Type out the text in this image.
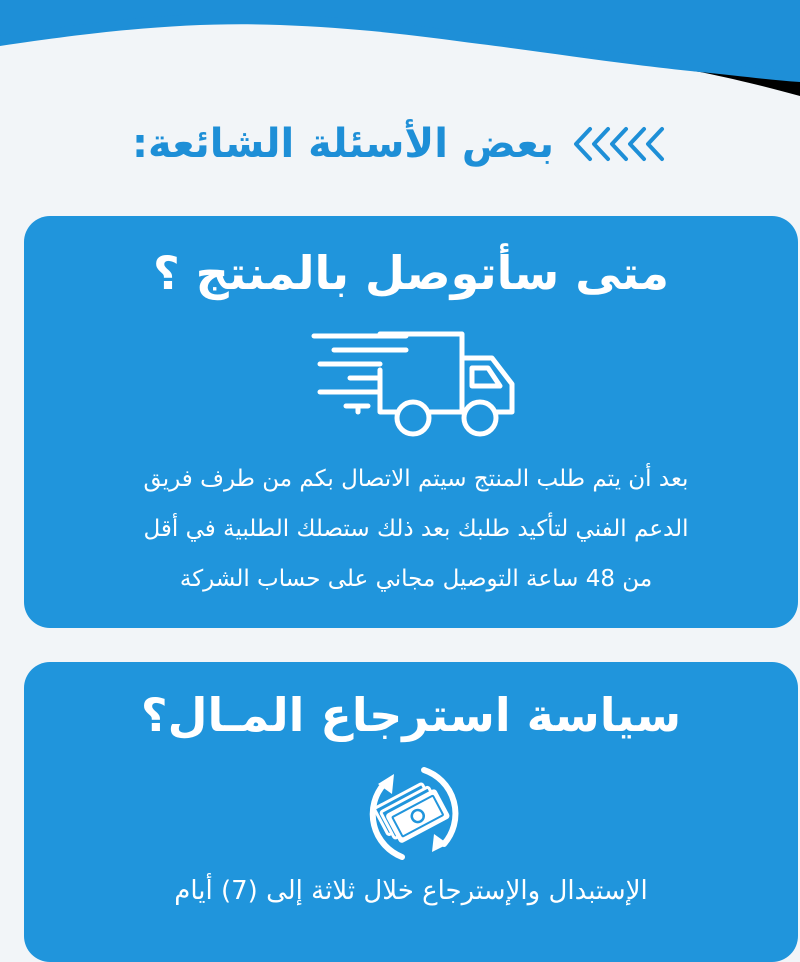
بعض الأسئلة الشائعة:
متى سأتوصل بالمنتج ؟
بعد أن يتم طلب المنتج سيتم الاتصال بكم من طرف فريق
الدعم الفني لتأكيد طلبك بعد ذلك ستصلك الطلبية في أقل
من 48 ساعة التوصيل مجاني على حساب الشركة
سياسة استرجاع المـال؟
الإستبدال والإسترجاع خلال ثلاثة إلى (7) أيام
